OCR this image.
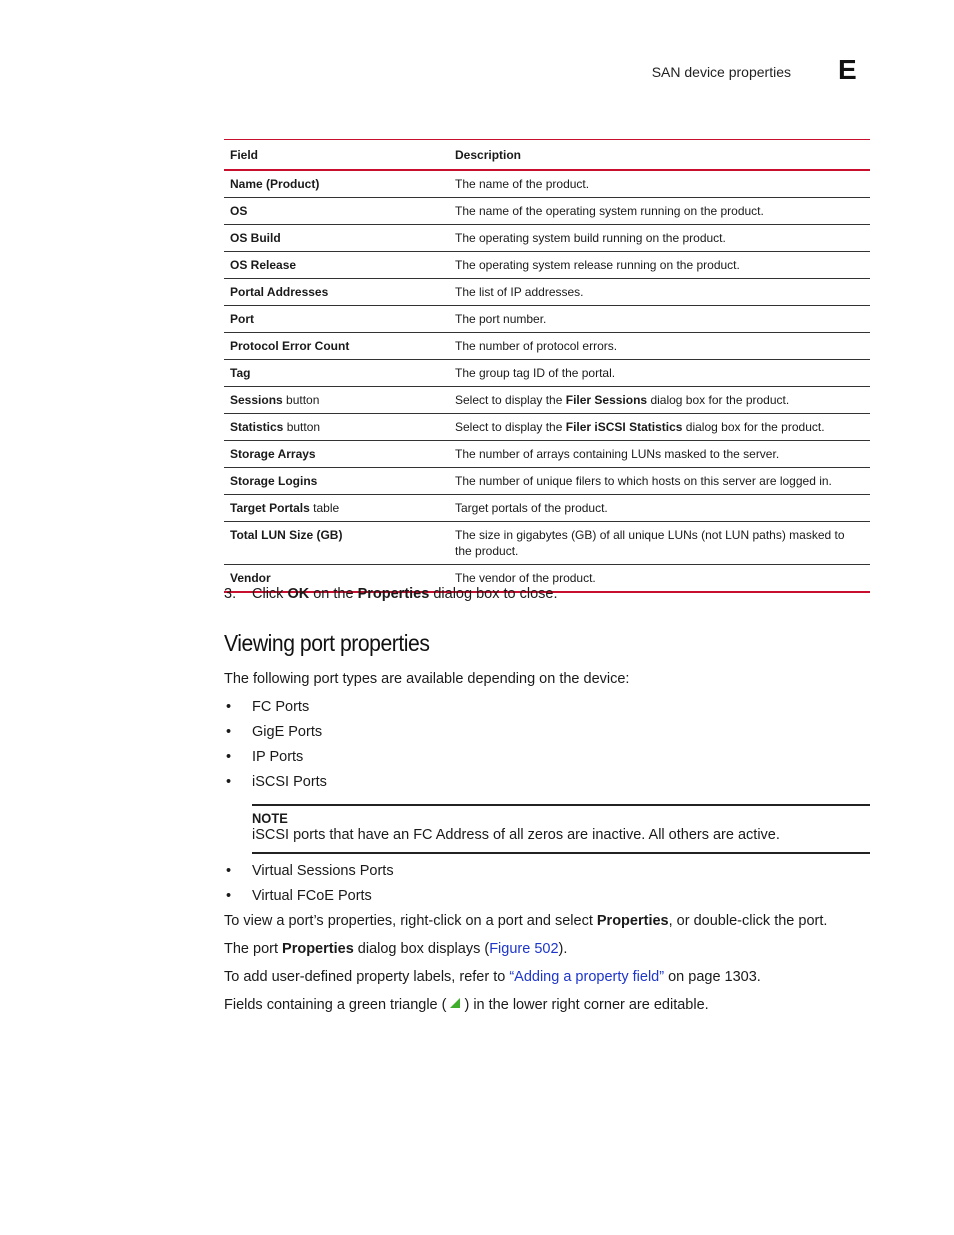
SAN device properties E
Field	Description
Name (Product)	The name of the product.
OS	The name of the operating system running on the product.
OS Build	The operating system build running on the product.
OS Release	The operating system release running on the product.
Portal Addresses	The list of IP addresses.
Port	The port number.
Protocol Error Count	The number of protocol errors.
Tag	The group tag ID of the portal.
Sessions button	Select to display the Filer Sessions dialog box for the product.
Statistics button	Select to display the Filer iSCSI Statistics dialog box for the product.
Storage Arrays	The number of arrays containing LUNs masked to the server.
Storage Logins	The number of unique filers to which hosts on this server are logged in.
Target Portals table	Target portals of the product.
Total LUN Size (GB)	The size in gigabytes (GB) of all unique LUNs (not LUN paths) masked to the product.
Vendor	The vendor of the product.
3. Click OK on the Properties dialog box to close.
Viewing port properties
The following port types are available depending on the device:
• FC Ports
• GigE Ports
• IP Ports
• iSCSI Ports
NOTE
iSCSI ports that have an FC Address of all zeros are inactive. All others are active.
• Virtual Sessions Ports
• Virtual FCoE Ports
To view a port’s properties, right-click on a port and select Properties, or double-click the port.
The port Properties dialog box displays (Figure 502).
To add user-defined property labels, refer to “Adding a property field” on page 1303.
Fields containing a green triangle ( ) in the lower right corner are editable.
